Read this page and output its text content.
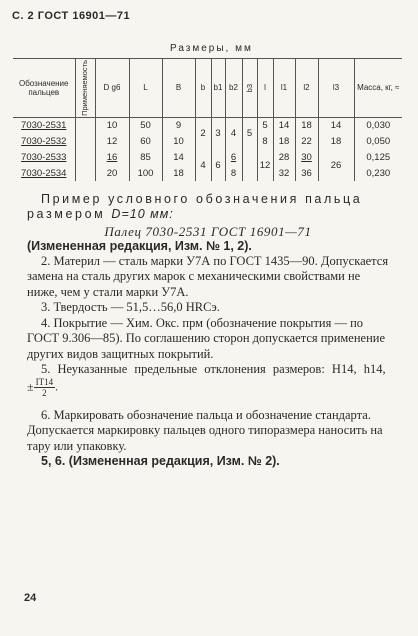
С. 2 ГОСТ 16901—71
Размеры, мм
Обозначение пальцев	Применяемость	D g6	L	B	b	b1	b2	b3	l	l1	l2	l3	Масса, кг, ≈
7030-2531		10	50	9	2	3	4	5	5	14	18	14	0,030
7030-2532		12	60	10					8	18	22	18	0,050
7030-2533		16	85	14	4	6	6		12	28	30	26	0,125
7030-2534		20	100	18			8			32	36		0,230
Пример условного обозначения пальца размером D=10 мм:
Палец 7030-2531 ГОСТ 16901—71
(Измененная редакция, Изм. № 1, 2).
2. Материл — сталь марки У7А по ГОСТ 1435—90. Допускается замена на сталь других марок с механическими свойствами не ниже, чем у стали марки У7А.
3. Твердость — 51,5…56,0 HRCэ.
4. Покрытие — Хим. Окс. прм (обозначение покрытия — по ГОСТ 9.306—85). По соглашению сторон допускается применение других видов защитных покрытий.
5. Неуказанные предельные отклонения размеров: H14, h14,
± $\frac{IT14}{2}$ .
6. Маркировать обозначение пальца и обозначение стандарта. Допускается маркировку пальцев одного типоразмера наносить на тару или упаковку.
5, 6. (Измененная редакция, Изм. № 2).
24
